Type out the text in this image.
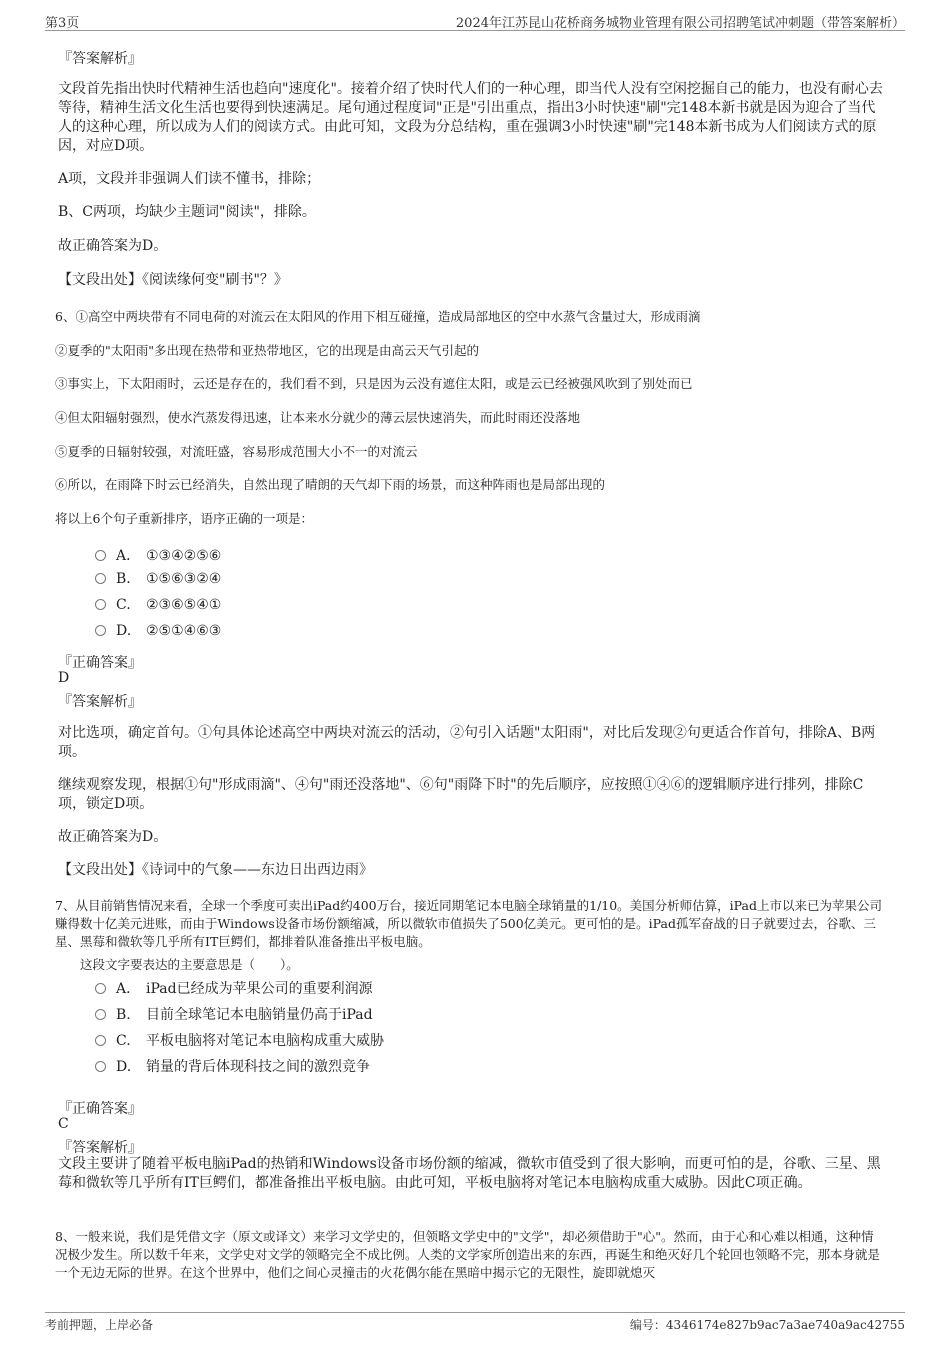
第3页	2024年江苏昆山花桥商务城物业管理有限公司招聘笔试冲刺题（带答案解析）
『答案解析』
文段首先指出快时代精神生活也趋向"速度化"。接着介绍了快时代人们的一种心理，即当代人没有空闲挖掘自己的能力，也没有耐心去等待，精神生活文化生活也要得到快速满足。尾句通过程度词"正是"引出重点，指出3小时快速"刷"完148本新书就是因为迎合了当代人的这种心理，所以成为人们的阅读方式。由此可知，文段为分总结构，重在强调3小时快速"刷"完148本新书成为人们阅读方式的原因，对应D项。
A项，文段并非强调人们读不懂书，排除；
B、C两项，均缺少主题词"阅读"，排除。
故正确答案为D。
【文段出处】《阅读缘何变"刷书"？》
6、①高空中两块带有不同电荷的对流云在太阳风的作用下相互碰撞，造成局部地区的空中水蒸气含量过大，形成雨滴
②夏季的"太阳雨"多出现在热带和亚热带地区，它的出现是由高云天气引起的
③事实上，下太阳雨时，云还是存在的，我们看不到，只是因为云没有遮住太阳，或是云已经被强风吹到了别处而已
④但太阳辐射强烈，使水汽蒸发得迅速，让本来水分就少的薄云层快速消失，而此时雨还没落地
⑤夏季的日辐射较强，对流旺盛，容易形成范围大小不一的对流云
⑥所以，在雨降下时云已经消失，自然出现了晴朗的天气却下雨的场景，而这种阵雨也是局部出现的
将以上6个句子重新排序，语序正确的一项是：
A． ①③④②⑤⑥
B. ①⑤⑥③②④
C. ②③⑥⑤④①
D. ②⑤①④⑥③
『正确答案』
D
『答案解析』
对比选项，确定首句。①句具体论述高空中两块对流云的活动，②句引入话题"太阳雨"，对比后发现②句更适合作首句，排除A、B两项。
继续观察发现，根据①句"形成雨滴"、④句"雨还没落地"、⑥句"雨降下时"的先后顺序，应按照①④⑥的逻辑顺序进行排列，排除C项，锁定D项。
故正确答案为D。
【文段出处】《诗词中的气象——东边日出西边雨》
7、从目前销售情况来看，全球一个季度可卖出iPad约400万台，接近同期笔记本电脑全球销量的1/10。美国分析师估算，iPad上市以来已为苹果公司赚得数十亿美元进账，而由于Windows设备市场份额缩减，所以微软市值损失了500亿美元。更可怕的是。iPad孤军奋战的日子就要过去，谷歌、三星、黑莓和微软等几乎所有IT巨鳄们，都排着队准备推出平板电脑。
这段文字要表达的主要意思是（　　）。
A． iPad已经成为苹果公司的重要利润源
B. 目前全球笔记本电脑销量仍高于iPad
C. 平板电脑将对笔记本电脑构成重大威胁
D. 销量的背后体现科技之间的激烈竞争
『正确答案』
C
『答案解析』
文段主要讲了随着平板电脑iPad的热销和Windows设备市场份额的缩减，微软市值受到了很大影响，而更可怕的是，谷歌、三星、黑莓和微软等几乎所有IT巨鳄们，都准备推出平板电脑。由此可知，平板电脑将对笔记本电脑构成重大威胁。因此C项正确。
8、一般来说，我们是凭借文字（原文或译文）来学习文学史的，但领略文学史中的"文学"，却必须借助于"心"。然而，由于心和心难以相通，这种情况极少发生。所以数千年来，文学史对文学的领略完全不成比例。人类的文学家所创造出来的东西，再诞生和绝灭好几个轮回也领略不完，那本身就是一个无边无际的世界。在这个世界中，他们之间心灵撞击的火花偶尔能在黑暗中揭示它的无限性，旋即就熄灭
考前押题，上岸必备	编号：4346174e827b9ac7a3ae740a9ac42755
